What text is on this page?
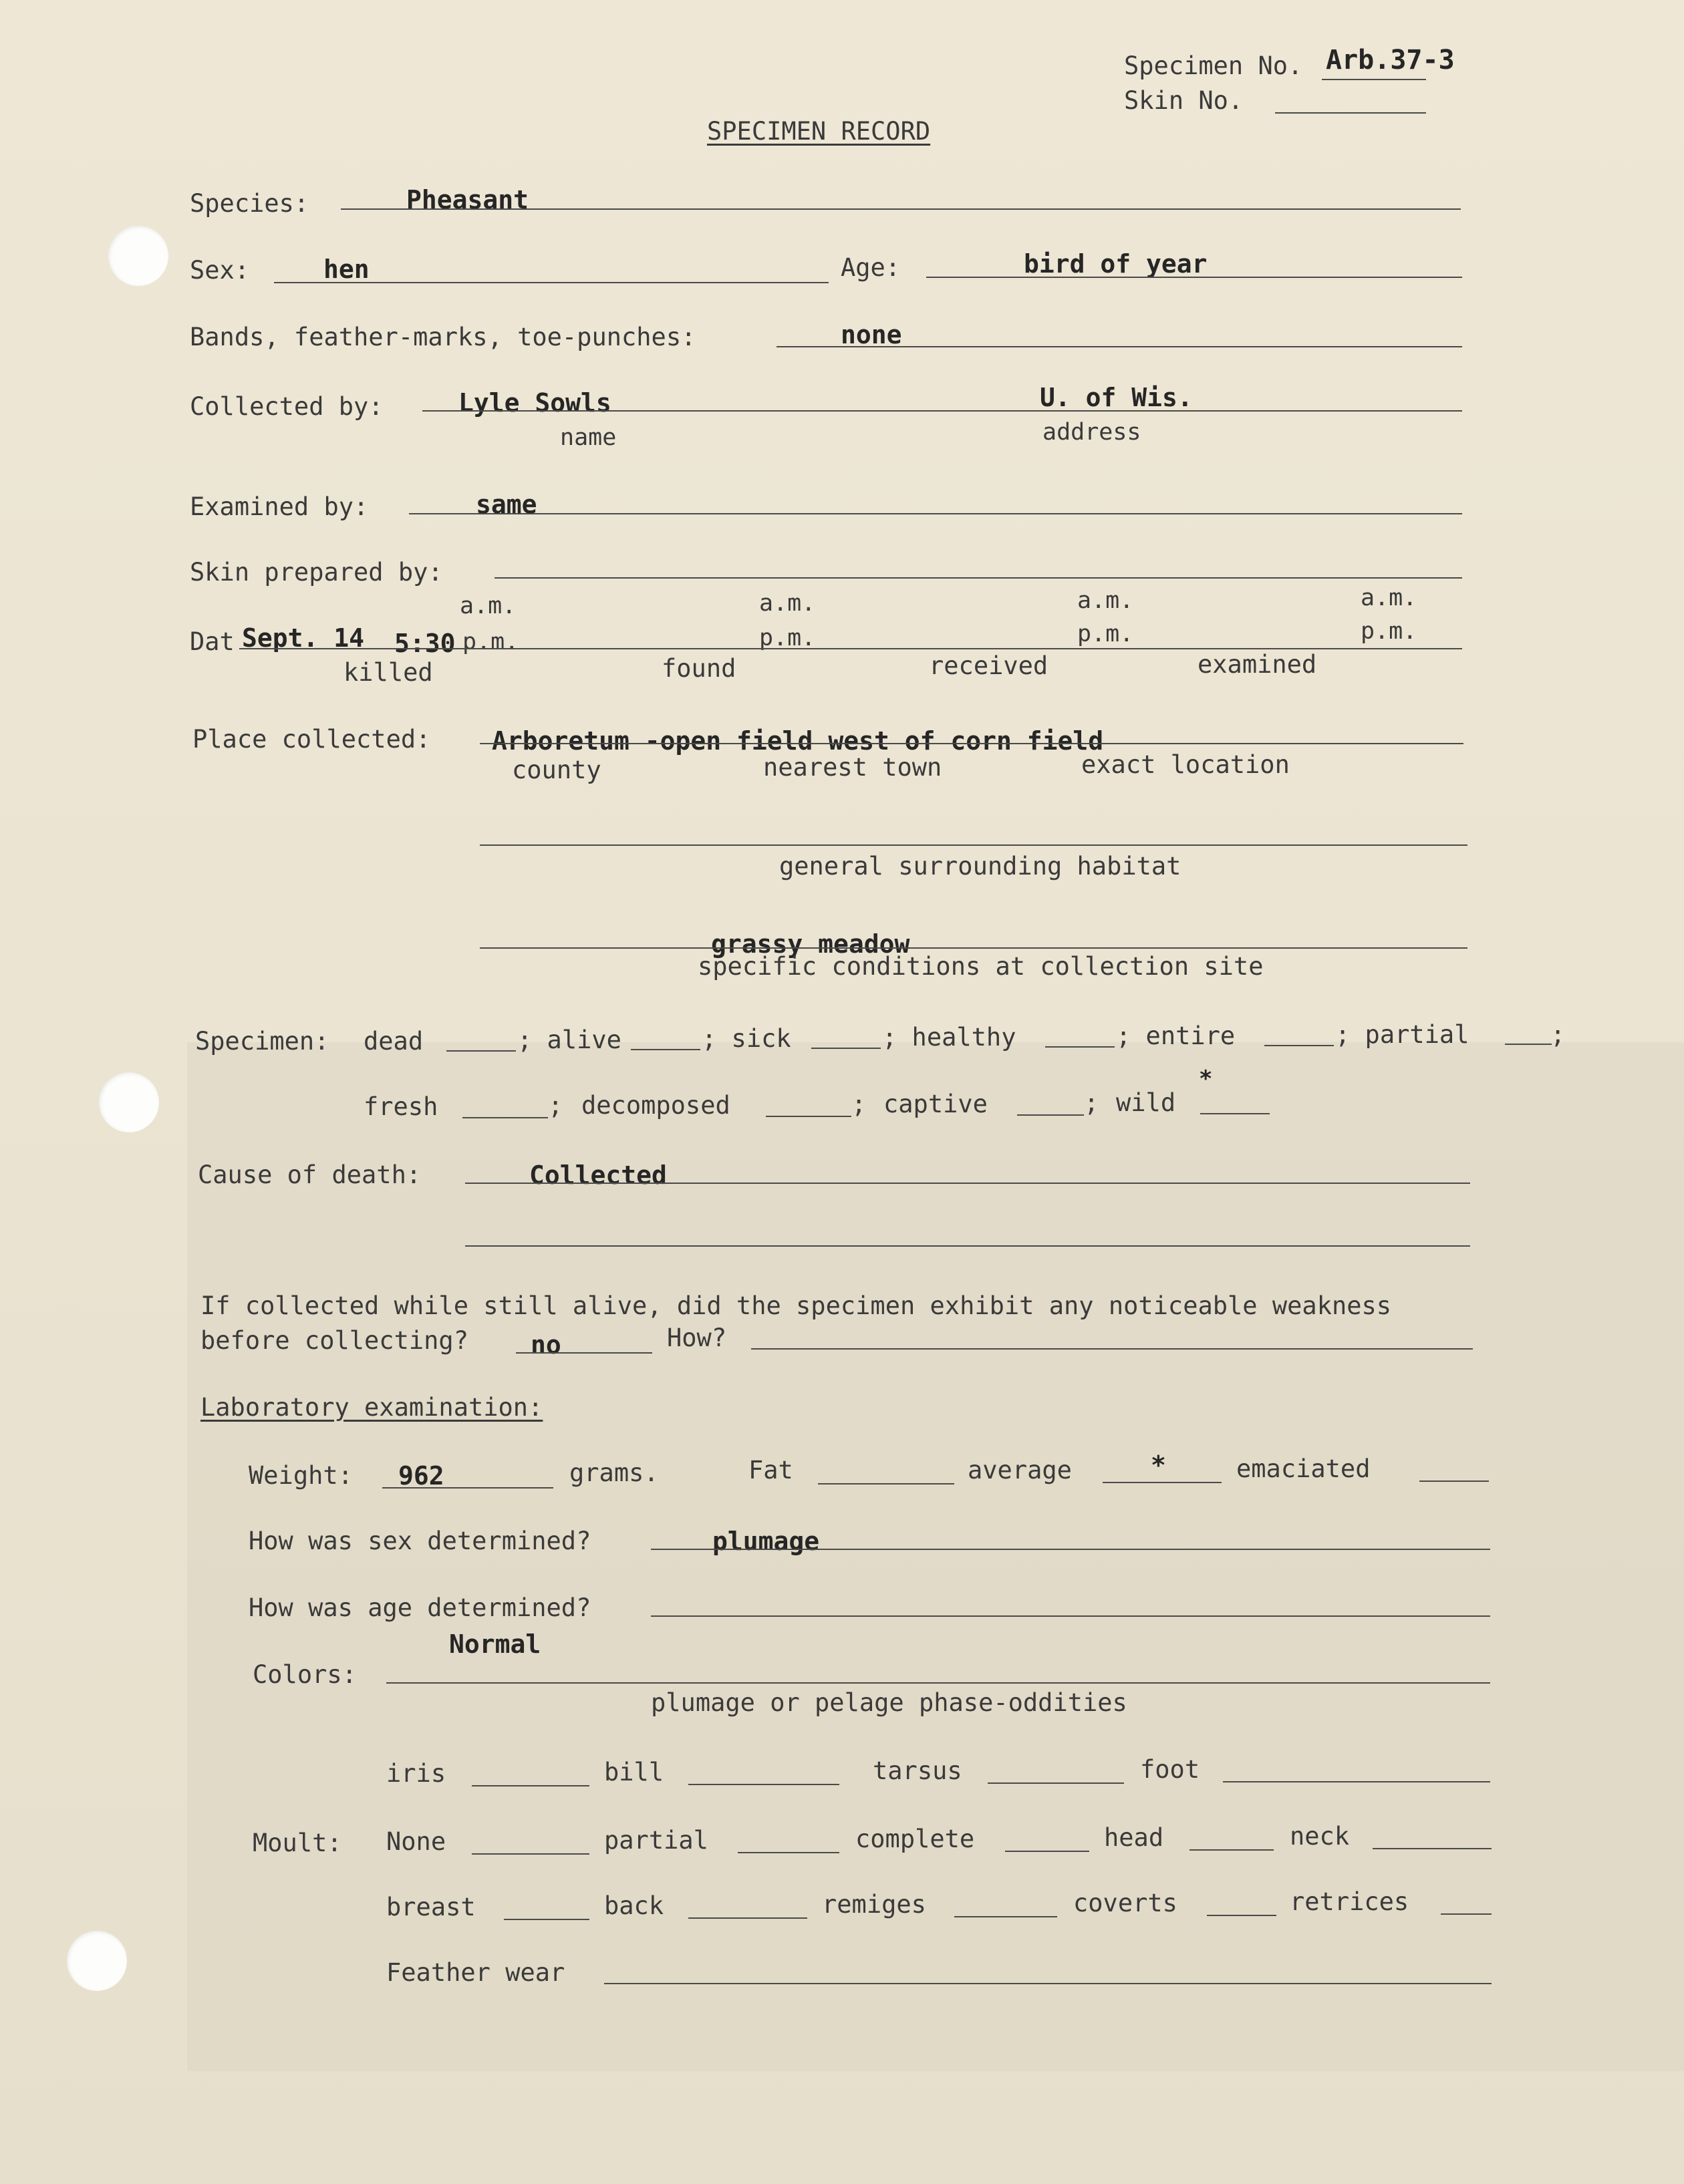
Specimen No. Arb.37-3
Skin No.
SPECIMEN RECORD
Species:	Pheasant
Sex:	hen	Age:	bird of year
Bands, feather-marks, toe-punches:	none
Collected by:	Lyle Sowls	U. of Wis.
name	address
Examined by:	same
Skin prepared by:
a.m.	a.m.	a.m.	a.m.
Dat Sept. 14 5:30 p.m.	p.m.	p.m.	p.m.
killed	found	received	examined
Place collected: Arboretum -open field west of corn field
county	nearest town	exact location
general surrounding habitat
grassy meadow
specific conditions at collection site
Specimen: dead	; alive	; sick	; healthy	; entire	; partial	;
fresh	; decomposed	; captive	; wild
*
Cause of death:	Collected
If collected while still alive, did the specimen exhibit any noticeable weakness
before collecting? no	How?
Laboratory examination:
Weight: 962	grams.	Fat	average	*	emaciated
How was sex determined?	plumage
How was age determined?
Normal
Colors:
plumage or pelage phase-oddities
iris	bill	tarsus	foot
Moult: None	partial	complete	head	neck
breast	back	remiges	coverts	retrices
Feather wear
